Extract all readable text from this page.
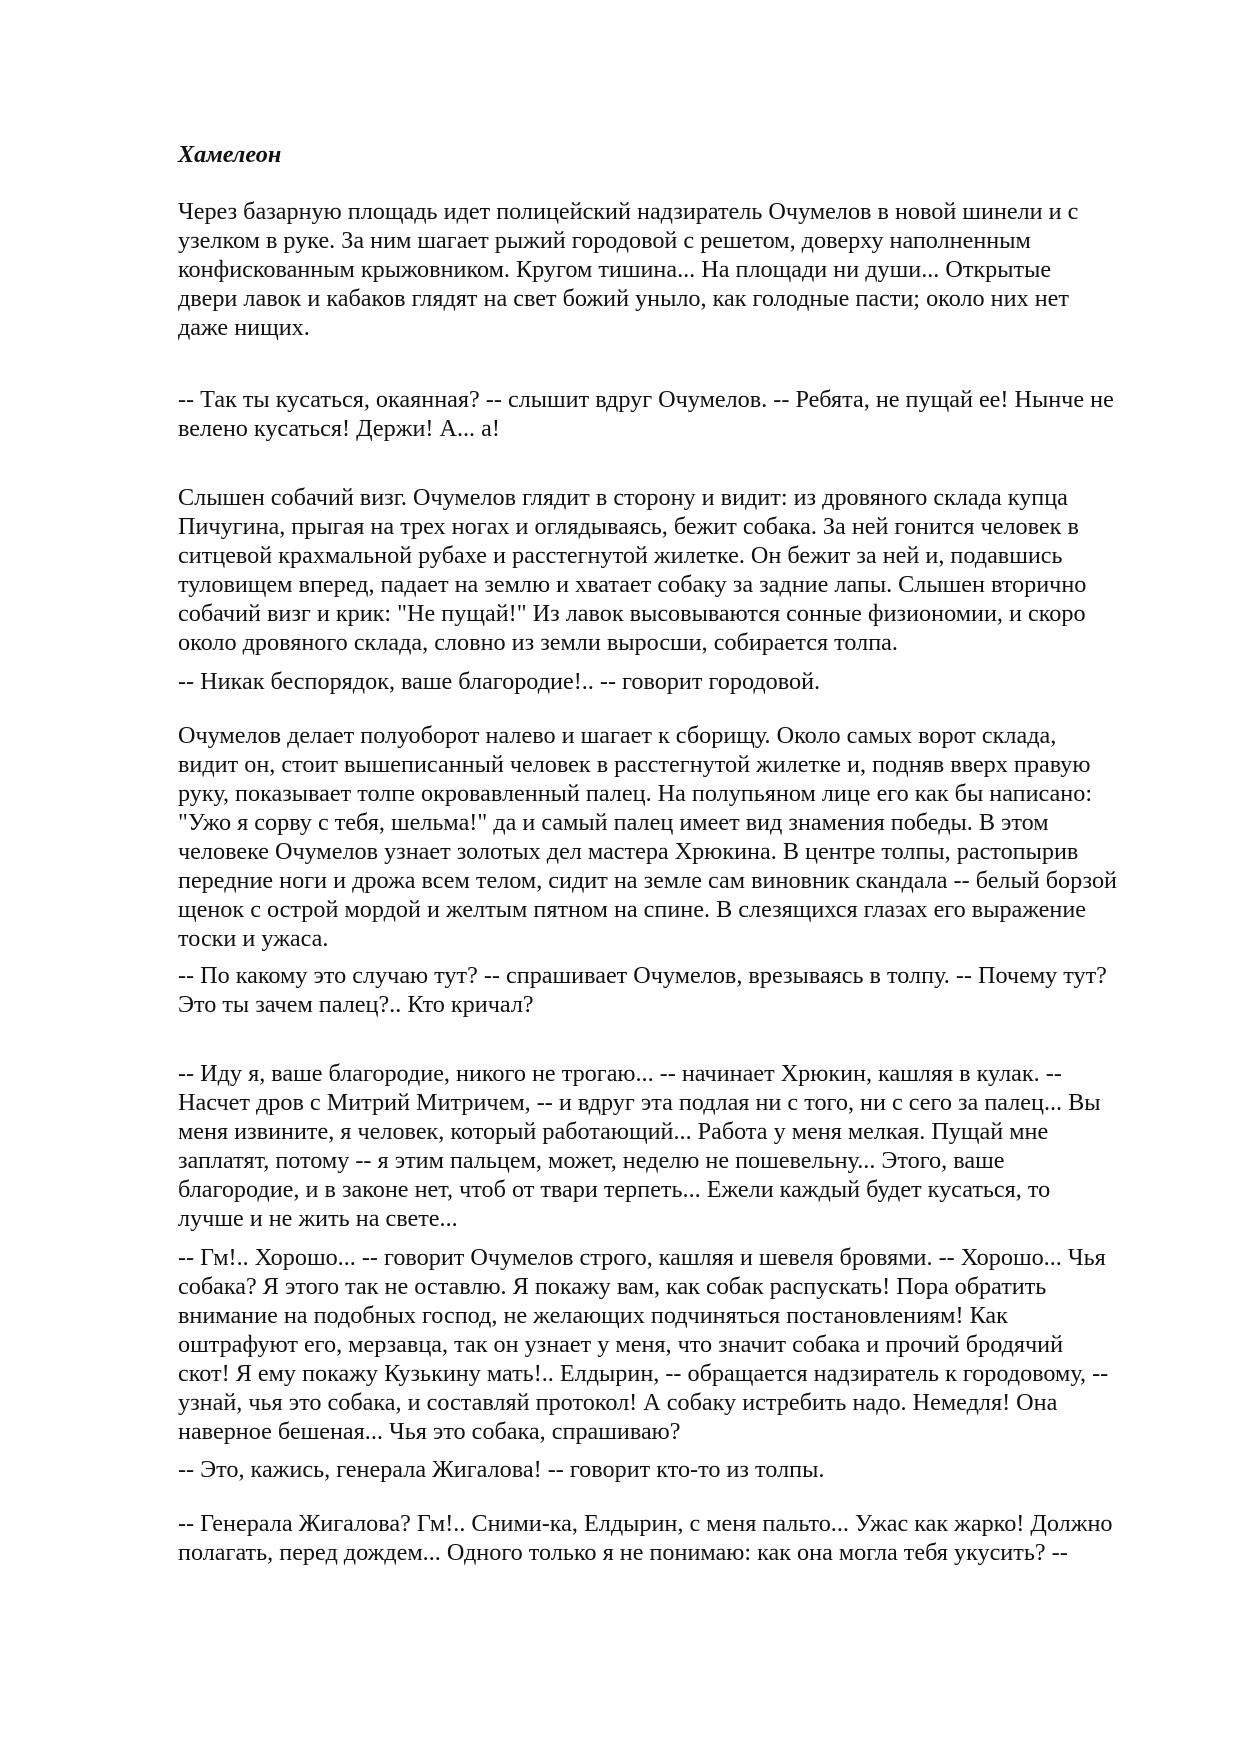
Хамелеон
Через базарную площадь идет полицейский надзиратель Очумелов в новой шинели и с
узелком в руке. За ним шагает рыжий городовой с решетом, доверху наполненным
конфискованным крыжовником. Кругом тишина... На площади ни души... Открытые
двери лавок и кабаков глядят на свет божий уныло, как голодные пасти; около них нет
даже нищих.
-- Так ты кусаться, окаянная? -- слышит вдруг Очумелов. -- Ребята, не пущай ее! Нынче не
велено кусаться! Держи! А... а!
Слышен собачий визг. Очумелов глядит в сторону и видит: из дровяного склада купца
Пичугина, прыгая на трех ногах и оглядываясь, бежит собака. За ней гонится человек в
ситцевой крахмальной рубахе и расстегнутой жилетке. Он бежит за ней и, подавшись
туловищем вперед, падает на землю и хватает собаку за задние лапы. Слышен вторично
собачий визг и крик: "Не пущай!" Из лавок высовываются сонные физиономии, и скоро
около дровяного склада, словно из земли выросши, собирается толпа.
-- Никак беспорядок, ваше благородие!.. -- говорит городовой.
Очумелов делает полуоборот налево и шагает к сборищу. Около самых ворот склада,
видит он, стоит вышеписанный человек в расстегнутой жилетке и, подняв вверх правую
руку, показывает толпе окровавленный палец. На полупьяном лице его как бы написано:
"Ужо я сорву с тебя, шельма!" да и самый палец имеет вид знамения победы. В этом
человеке Очумелов узнает золотых дел мастера Хрюкина. В центре толпы, растопырив
передние ноги и дрожа всем телом, сидит на земле сам виновник скандала -- белый борзой
щенок с острой мордой и желтым пятном на спине. В слезящихся глазах его выражение
тоски и ужаса.
-- По какому это случаю тут? -- спрашивает Очумелов, врезываясь в толпу. -- Почему тут?
Это ты зачем палец?.. Кто кричал?
-- Иду я, ваше благородие, никого не трогаю... -- начинает Хрюкин, кашляя в кулак. --
Насчет дров с Митрий Митричем, -- и вдруг эта подлая ни с того, ни с сего за палец... Вы
меня извините, я человек, который работающий... Работа у меня мелкая. Пущай мне
заплатят, потому -- я этим пальцем, может, неделю не пошевельну... Этого, ваше
благородие, и в законе нет, чтоб от твари терпеть... Ежели каждый будет кусаться, то
лучше и не жить на свете...
-- Гм!.. Хорошо... -- говорит Очумелов строго, кашляя и шевеля бровями. -- Хорошо... Чья
собака? Я этого так не оставлю. Я покажу вам, как собак распускать! Пора обратить
внимание на подобных господ, не желающих подчиняться постановлениям! Как
оштрафуют его, мерзавца, так он узнает у меня, что значит собака и прочий бродячий
скот! Я ему покажу Кузькину мать!.. Елдырин, -- обращается надзиратель к городовому, --
узнай, чья это собака, и составляй протокол! А собаку истребить надо. Немедля! Она
наверное бешеная... Чья это собака, спрашиваю?
-- Это, кажись, генерала Жигалова! -- говорит кто-то из толпы.
-- Генерала Жигалова? Гм!.. Сними-ка, Елдырин, с меня пальто... Ужас как жарко! Должно
полагать, перед дождем... Одного только я не понимаю: как она могла тебя укусить? --
